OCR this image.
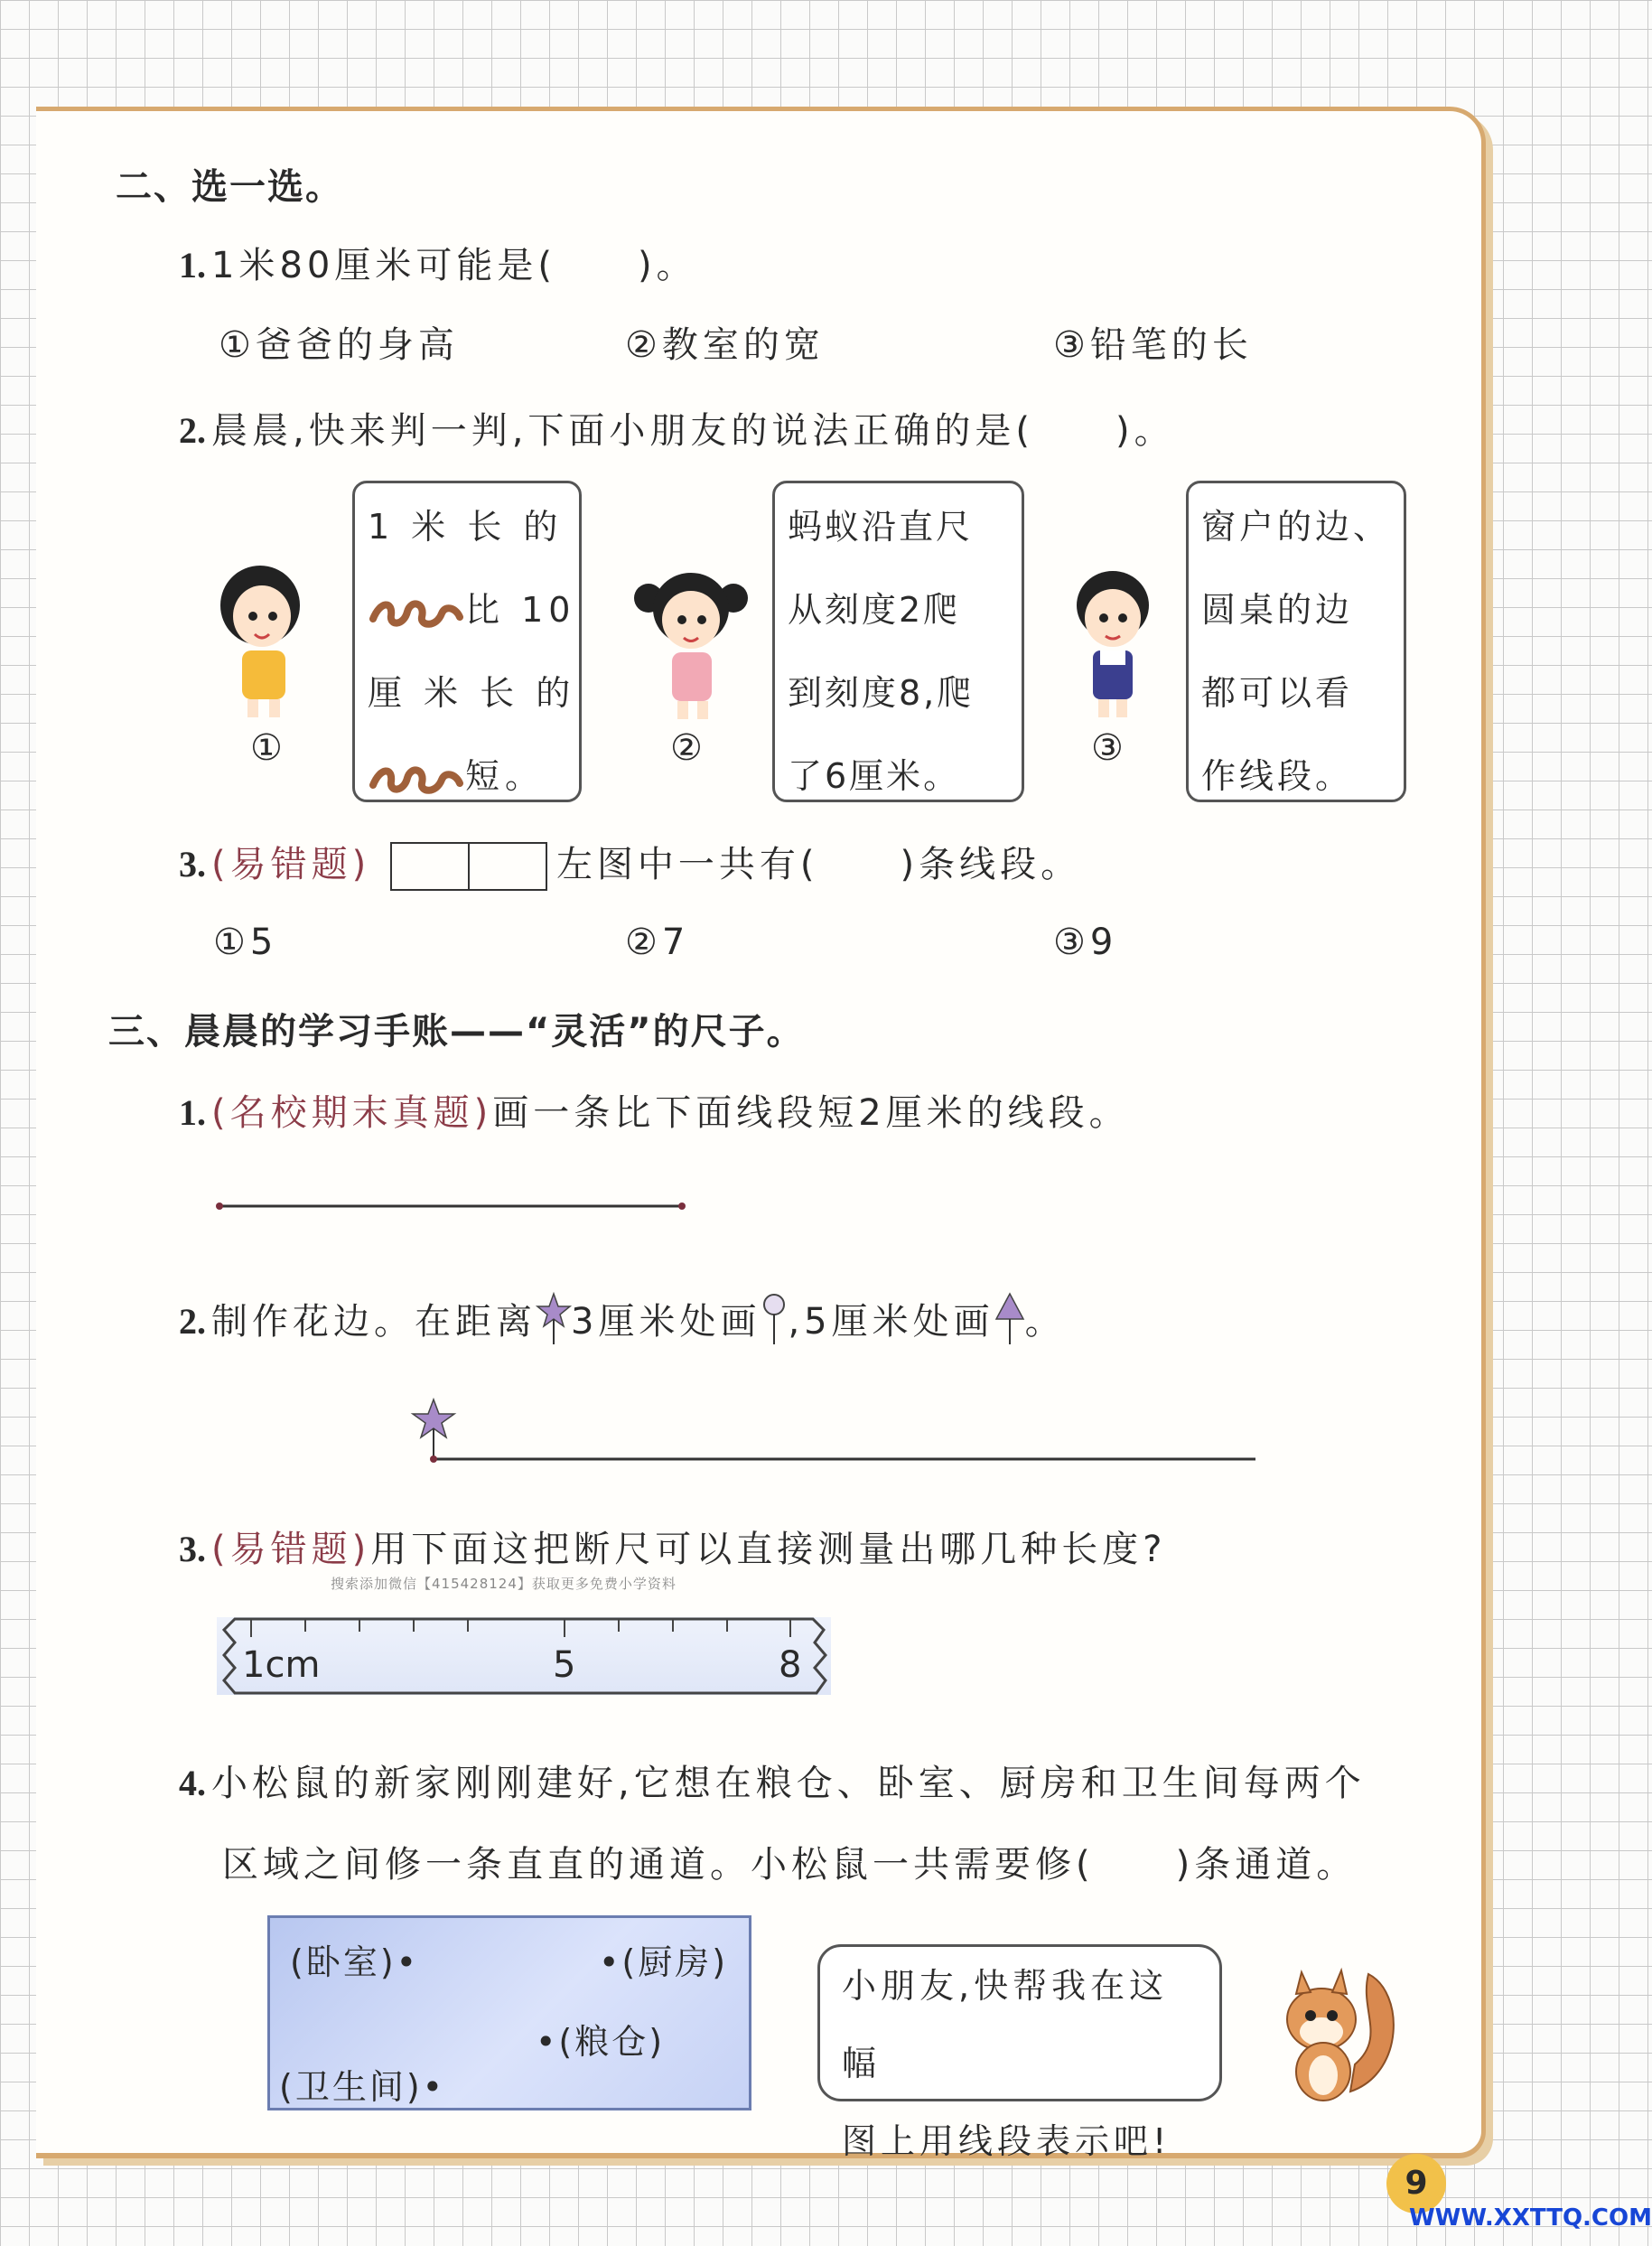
二、选一选。
1. 1米80厘米可能是(　　)。
①爸爸的身高	②教室的宽	③铅笔的长
2. 晨晨,快来判一判,下面小朋友的说法正确的是(　　)。
①	②	③
1 米 长 的
比 10
厘 米 长 的
短。
蚂蚁沿直尺
从刻度2爬
到刻度8,爬
了6厘米。
窗户的边、
圆桌的边
都可以看
作线段。
3. (易错题)	左图中一共有(　　)条线段。
①5	②7	③9
三、晨晨的学习手账——“灵活”的尺子。
1. (名校期末真题)画一条比下面线段短2厘米的线段。
2. 制作花边。在距离 3厘米处画 ,5厘米处画 。
3. (易错题)用下面这把断尺可以直接测量出哪几种长度?
搜索添加微信【415428124】获取更多免费小学资料
1cm	5	8
4. 小松鼠的新家刚刚建好,它想在粮仓、卧室、厨房和卫生间每两个
区域之间修一条直直的通道。小松鼠一共需要修(　　)条通道。
(卧室)•	•(厨房)
•(粮仓)
(卫生间)•
小朋友,快帮我在这幅
图上用线段表示吧!
9
WWW.XXTTQ.COM
